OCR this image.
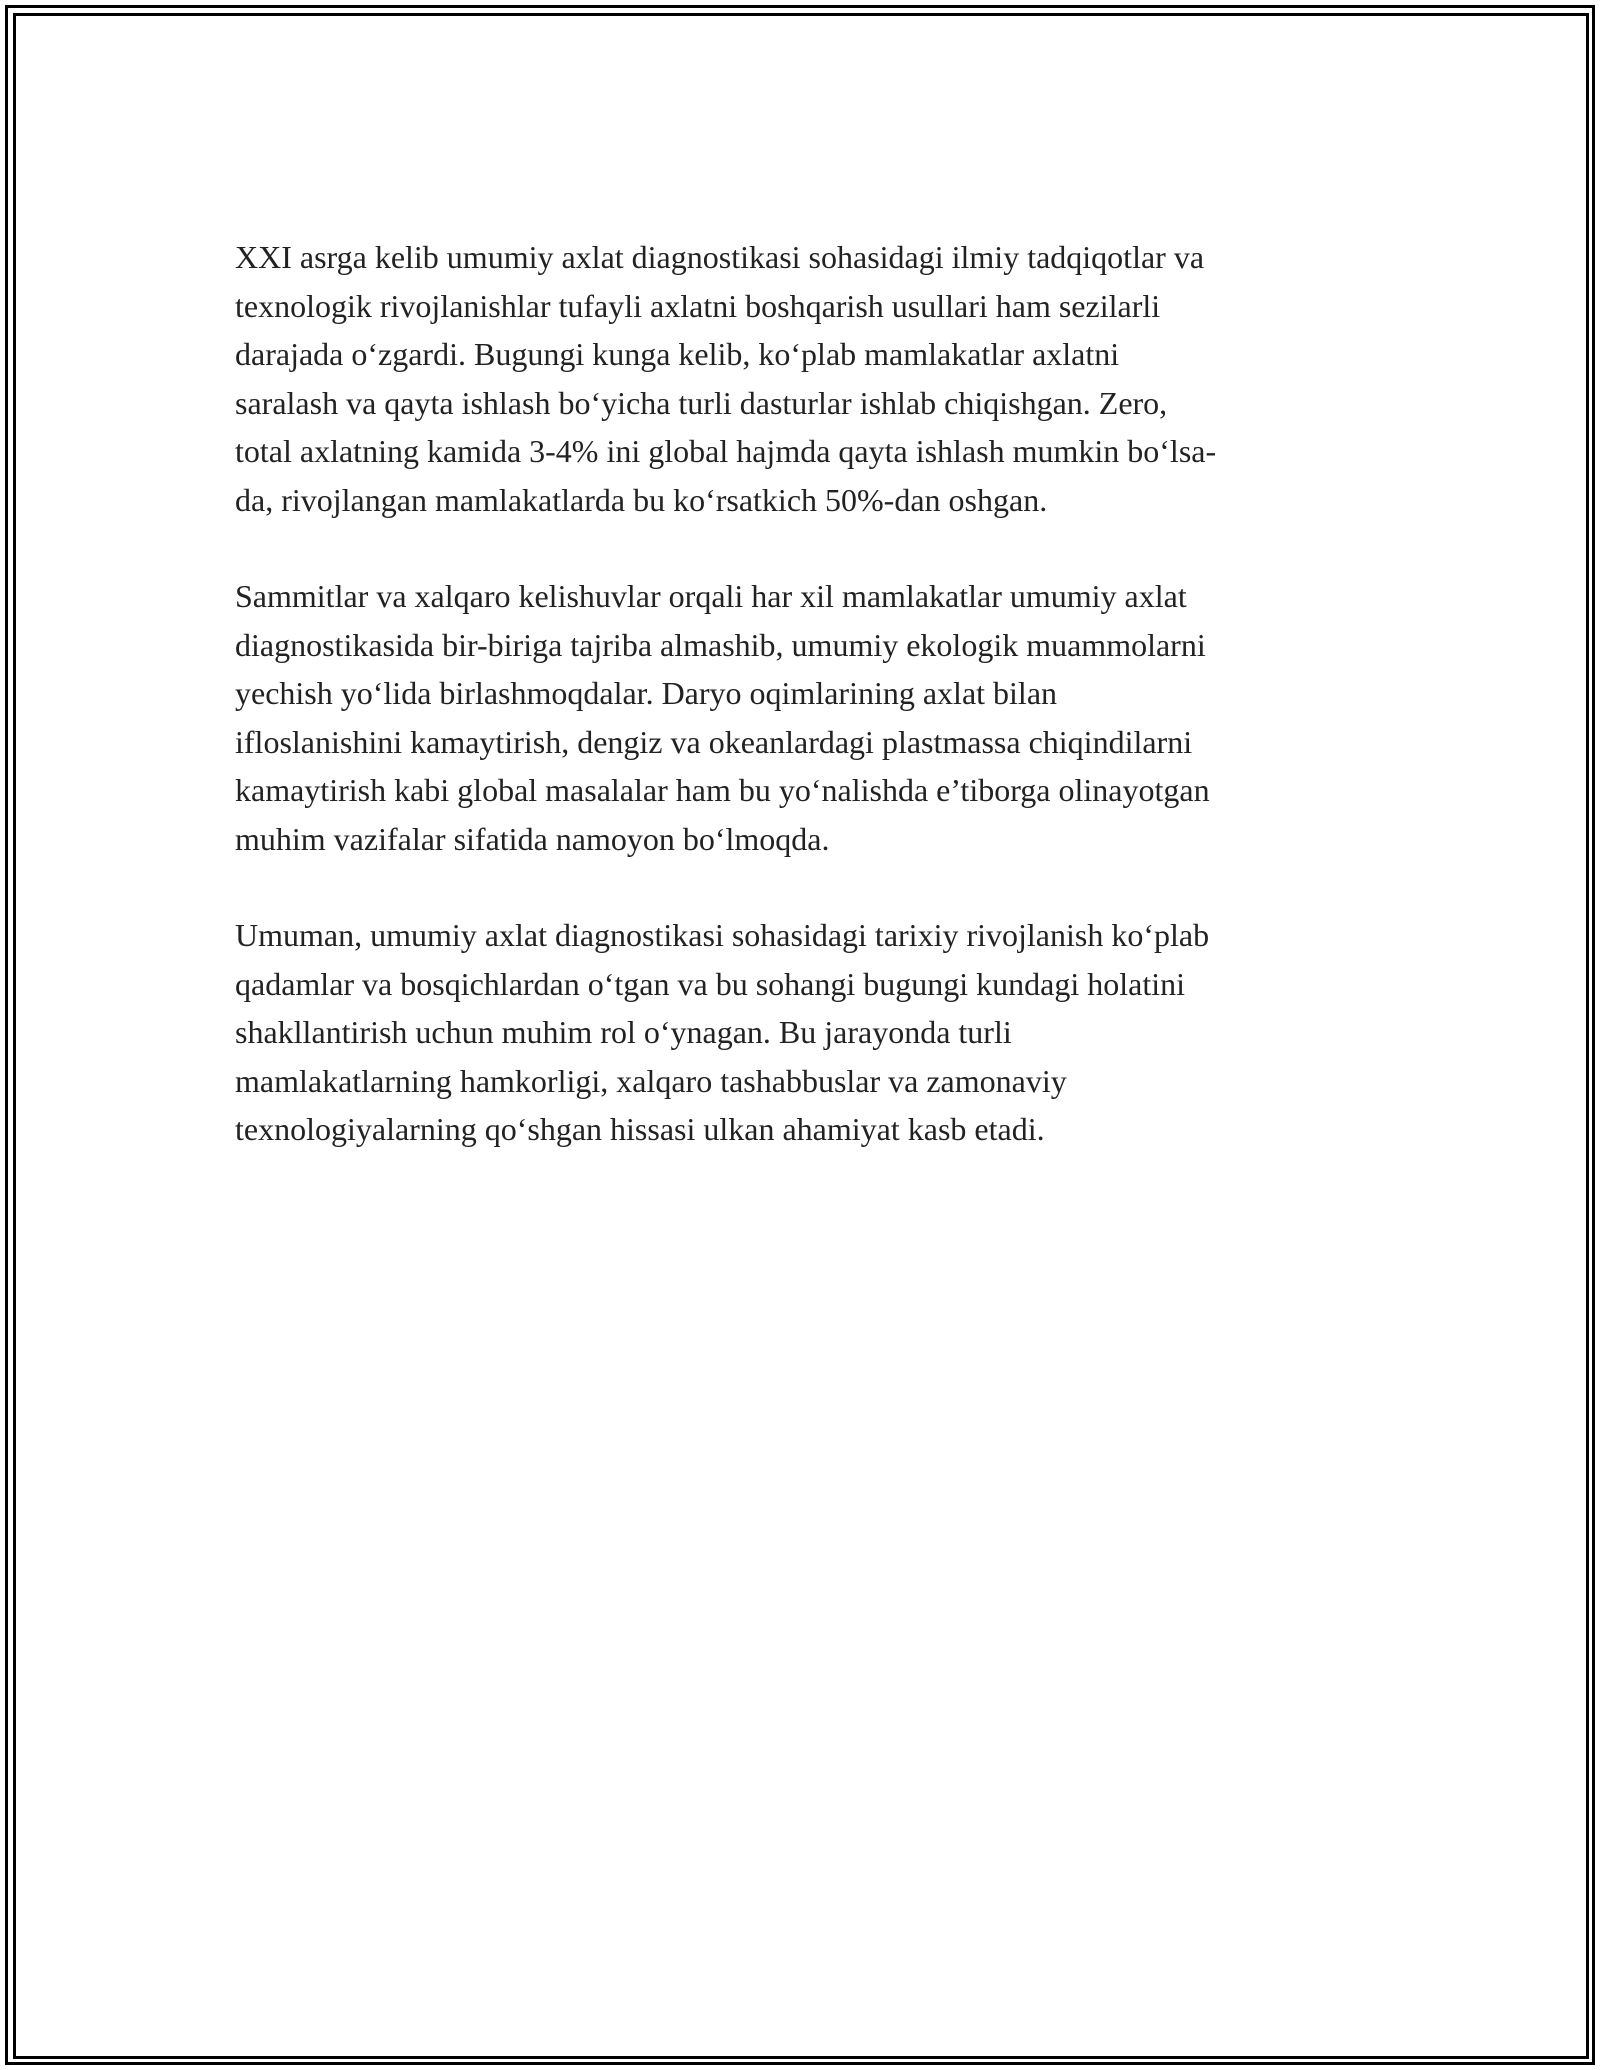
XXI asrga kelib umumiy axlat diagnostikasi sohasidagi ilmiy tadqiqotlar va
texnologik rivojlanishlar tufayli axlatni boshqarish usullari ham sezilarli
darajada o‘zgardi. Bugungi kunga kelib, ko‘plab mamlakatlar axlatni
saralash va qayta ishlash bo‘yicha turli dasturlar ishlab chiqishgan. Zero,
total axlatning kamida 3-4% ini global hajmda qayta ishlash mumkin bo‘lsa-
da, rivojlangan mamlakatlarda bu ko‘rsatkich 50%-dan oshgan.

Sammitlar va xalqaro kelishuvlar orqali har xil mamlakatlar umumiy axlat
diagnostikasida bir-biriga tajriba almashib, umumiy ekologik muammolarni
yechish yo‘lida birlashmoqdalar. Daryo oqimlarining axlat bilan
ifloslanishini kamaytirish, dengiz va okeanlardagi plastmassa chiqindilarni
kamaytirish kabi global masalalar ham bu yo‘nalishda e’tiborga olinayotgan
muhim vazifalar sifatida namoyon bo‘lmoqda.

Umuman, umumiy axlat diagnostikasi sohasidagi tarixiy rivojlanish ko‘plab
qadamlar va bosqichlardan o‘tgan va bu sohangi bugungi kundagi holatini
shakllantirish uchun muhim rol o‘ynagan. Bu jarayonda turli
mamlakatlarning hamkorligi, xalqaro tashabbuslar va zamonaviy
texnologiyalarning qo‘shgan hissasi ulkan ahamiyat kasb etadi.
